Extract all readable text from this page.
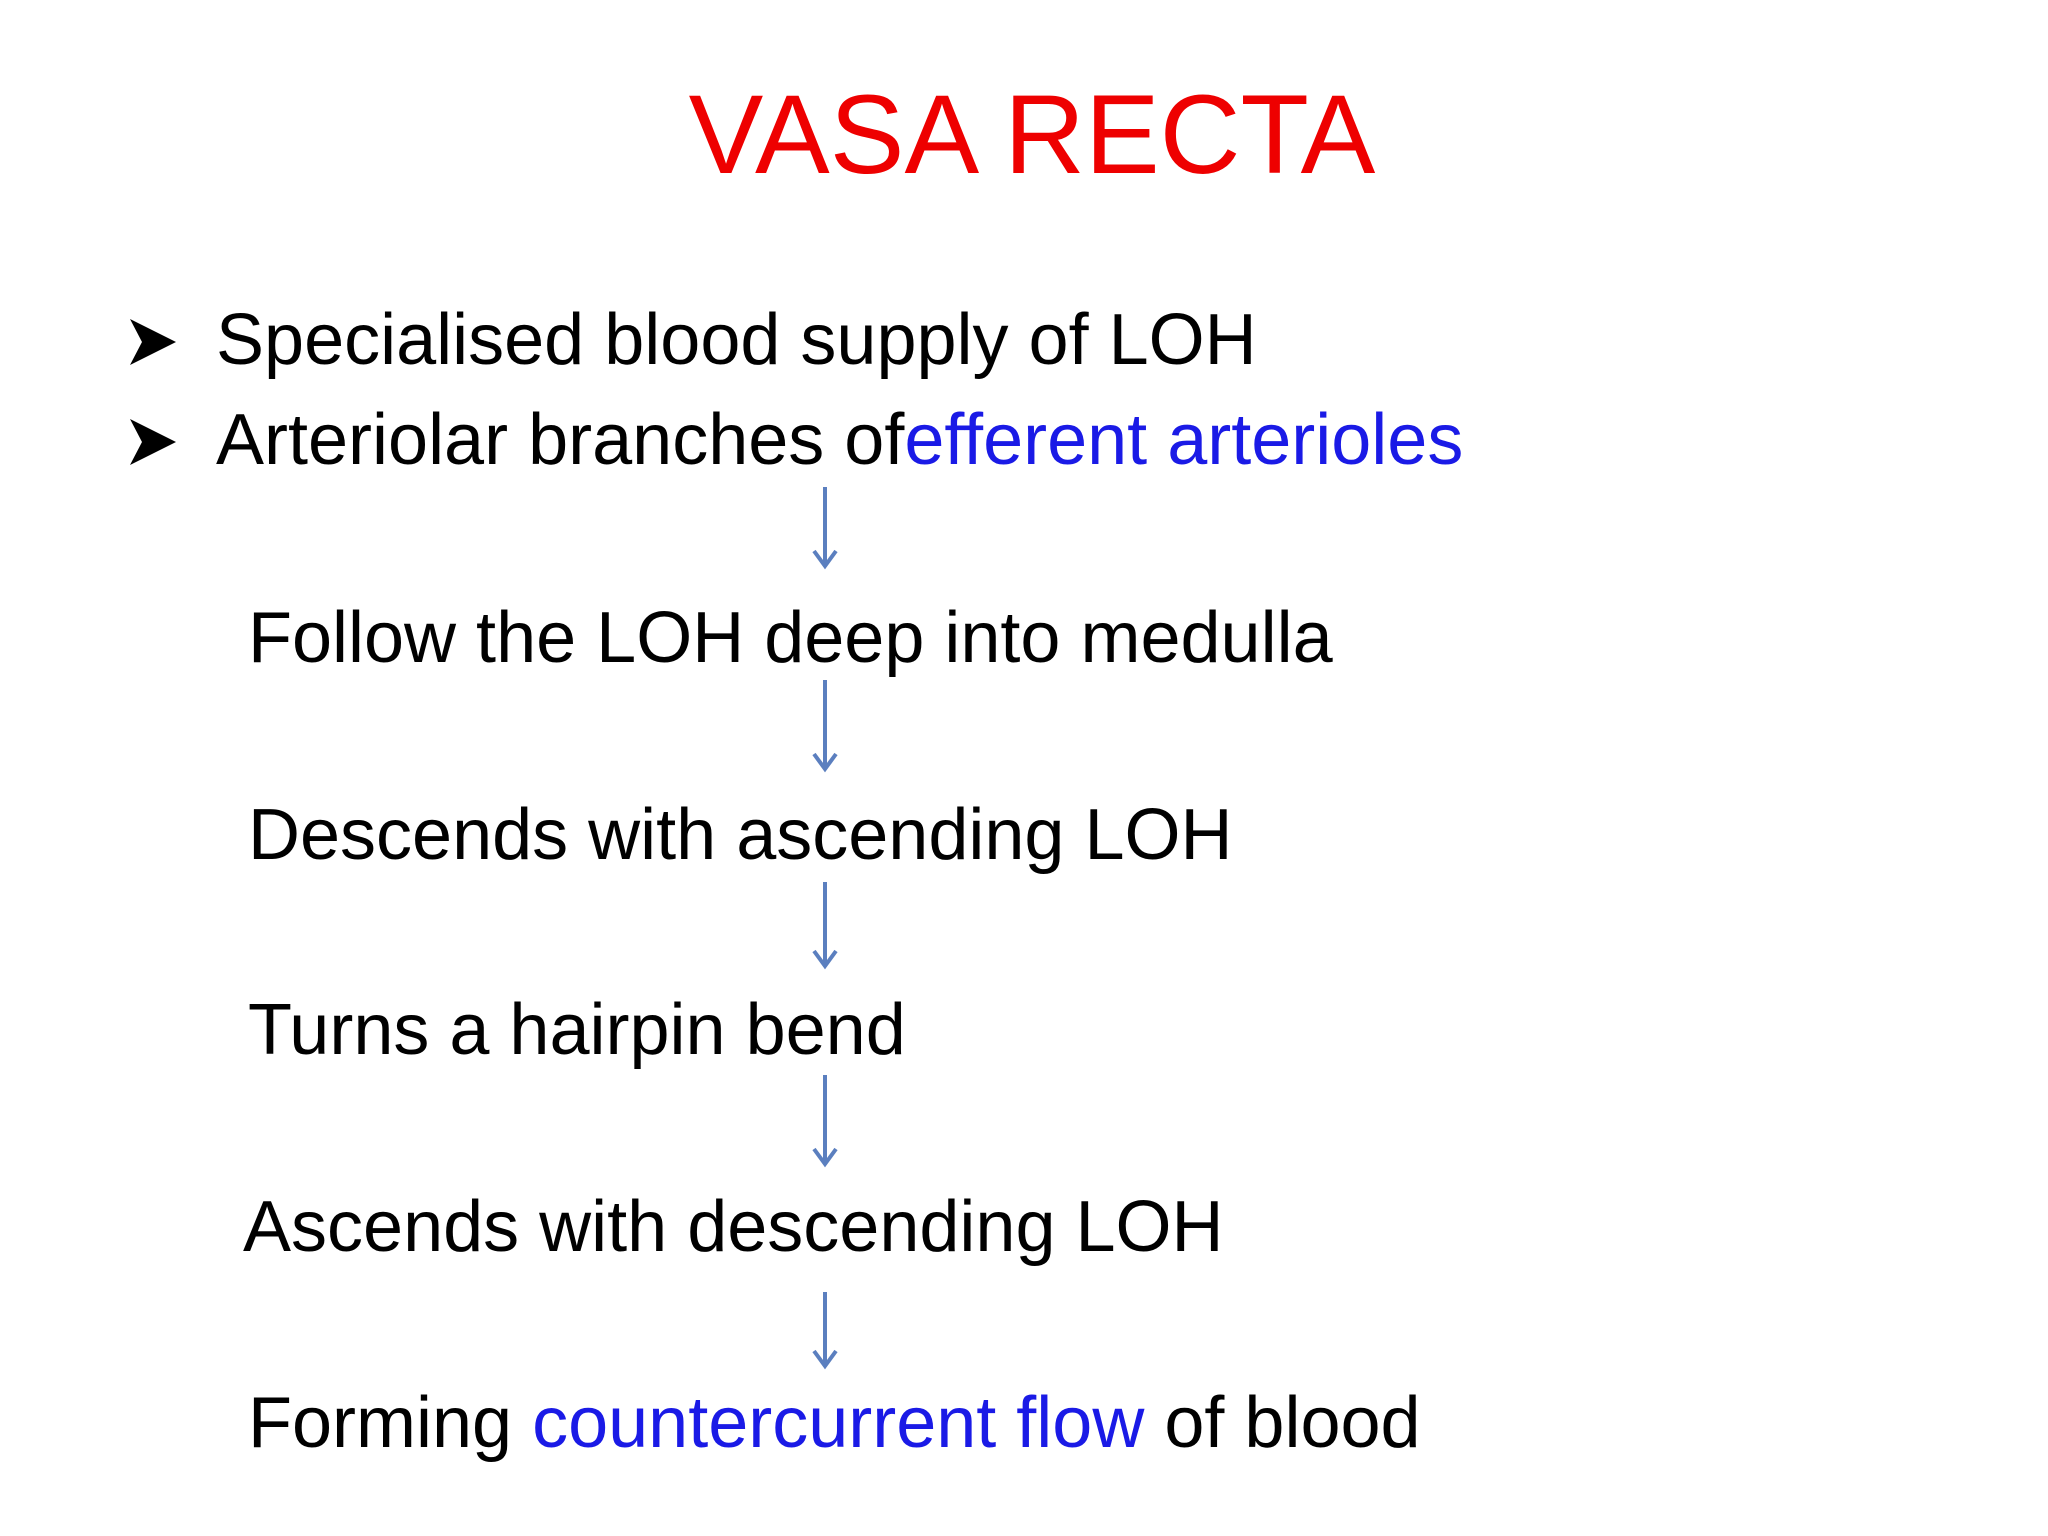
VASA RECTA
Specialised blood supply of LOH
Arteriolar branches of efferent arterioles
Follow the LOH deep into medulla
Descends with ascending LOH
Turns a hairpin bend
Ascends with descending LOH
Forming countercurrent flow of blood
